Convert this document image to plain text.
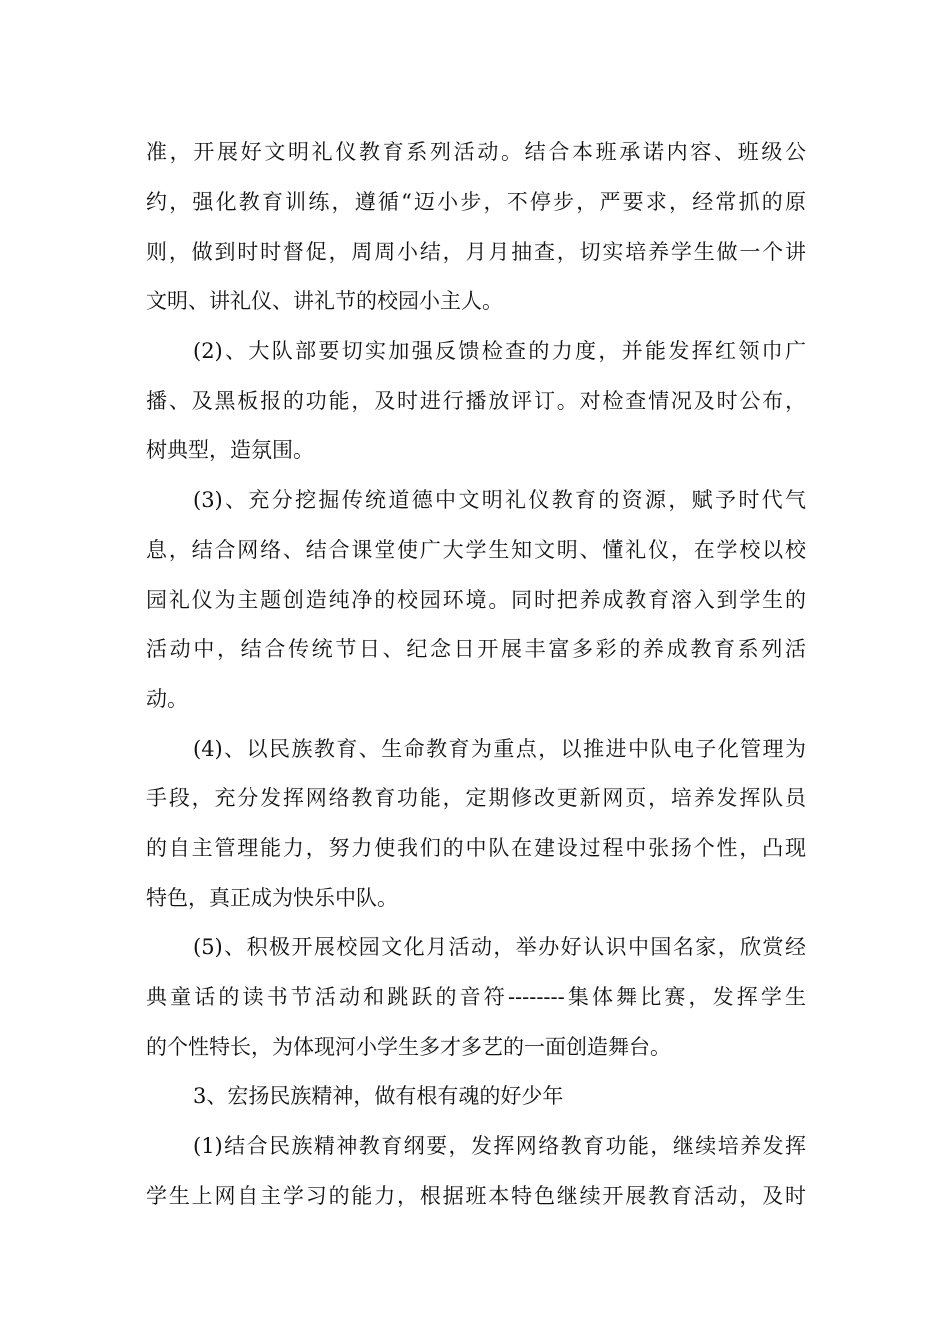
准，开展好文明礼仪教育系列活动。结合本班承诺内容、班级公
约，强化教育训练，遵循“迈小步，不停步，严要求，经常抓的原
则，做到时时督促，周周小结，月月抽查，切实培养学生做一个讲
文明、讲礼仪、讲礼节的校园小主人。
(2)、大队部要切实加强反馈检查的力度，并能发挥红领巾广
播、及黑板报的功能，及时进行播放评订。对检查情况及时公布，
树典型，造氛围。
(3)、充分挖掘传统道德中文明礼仪教育的资源，赋予时代气
息，结合网络、结合课堂使广大学生知文明、懂礼仪，在学校以校
园礼仪为主题创造纯净的校园环境。同时把养成教育溶入到学生的
活动中，结合传统节日、纪念日开展丰富多彩的养成教育系列活
动。
(4)、以民族教育、生命教育为重点，以推进中队电子化管理为
手段，充分发挥网络教育功能，定期修改更新网页，培养发挥队员
的自主管理能力，努力使我们的中队在建设过程中张扬个性，凸现
特色，真正成为快乐中队。
(5)、积极开展校园文化月活动，举办好认识中国名家，欣赏经
典童话的读书节活动和跳跃的音符--------集体舞比赛，发挥学生
的个性特长，为体现河小学生多才多艺的一面创造舞台。
3、宏扬民族精神，做有根有魂的好少年
(1)结合民族精神教育纲要，发挥网络教育功能，继续培养发挥
学生上网自主学习的能力，根据班本特色继续开展教育活动，及时
